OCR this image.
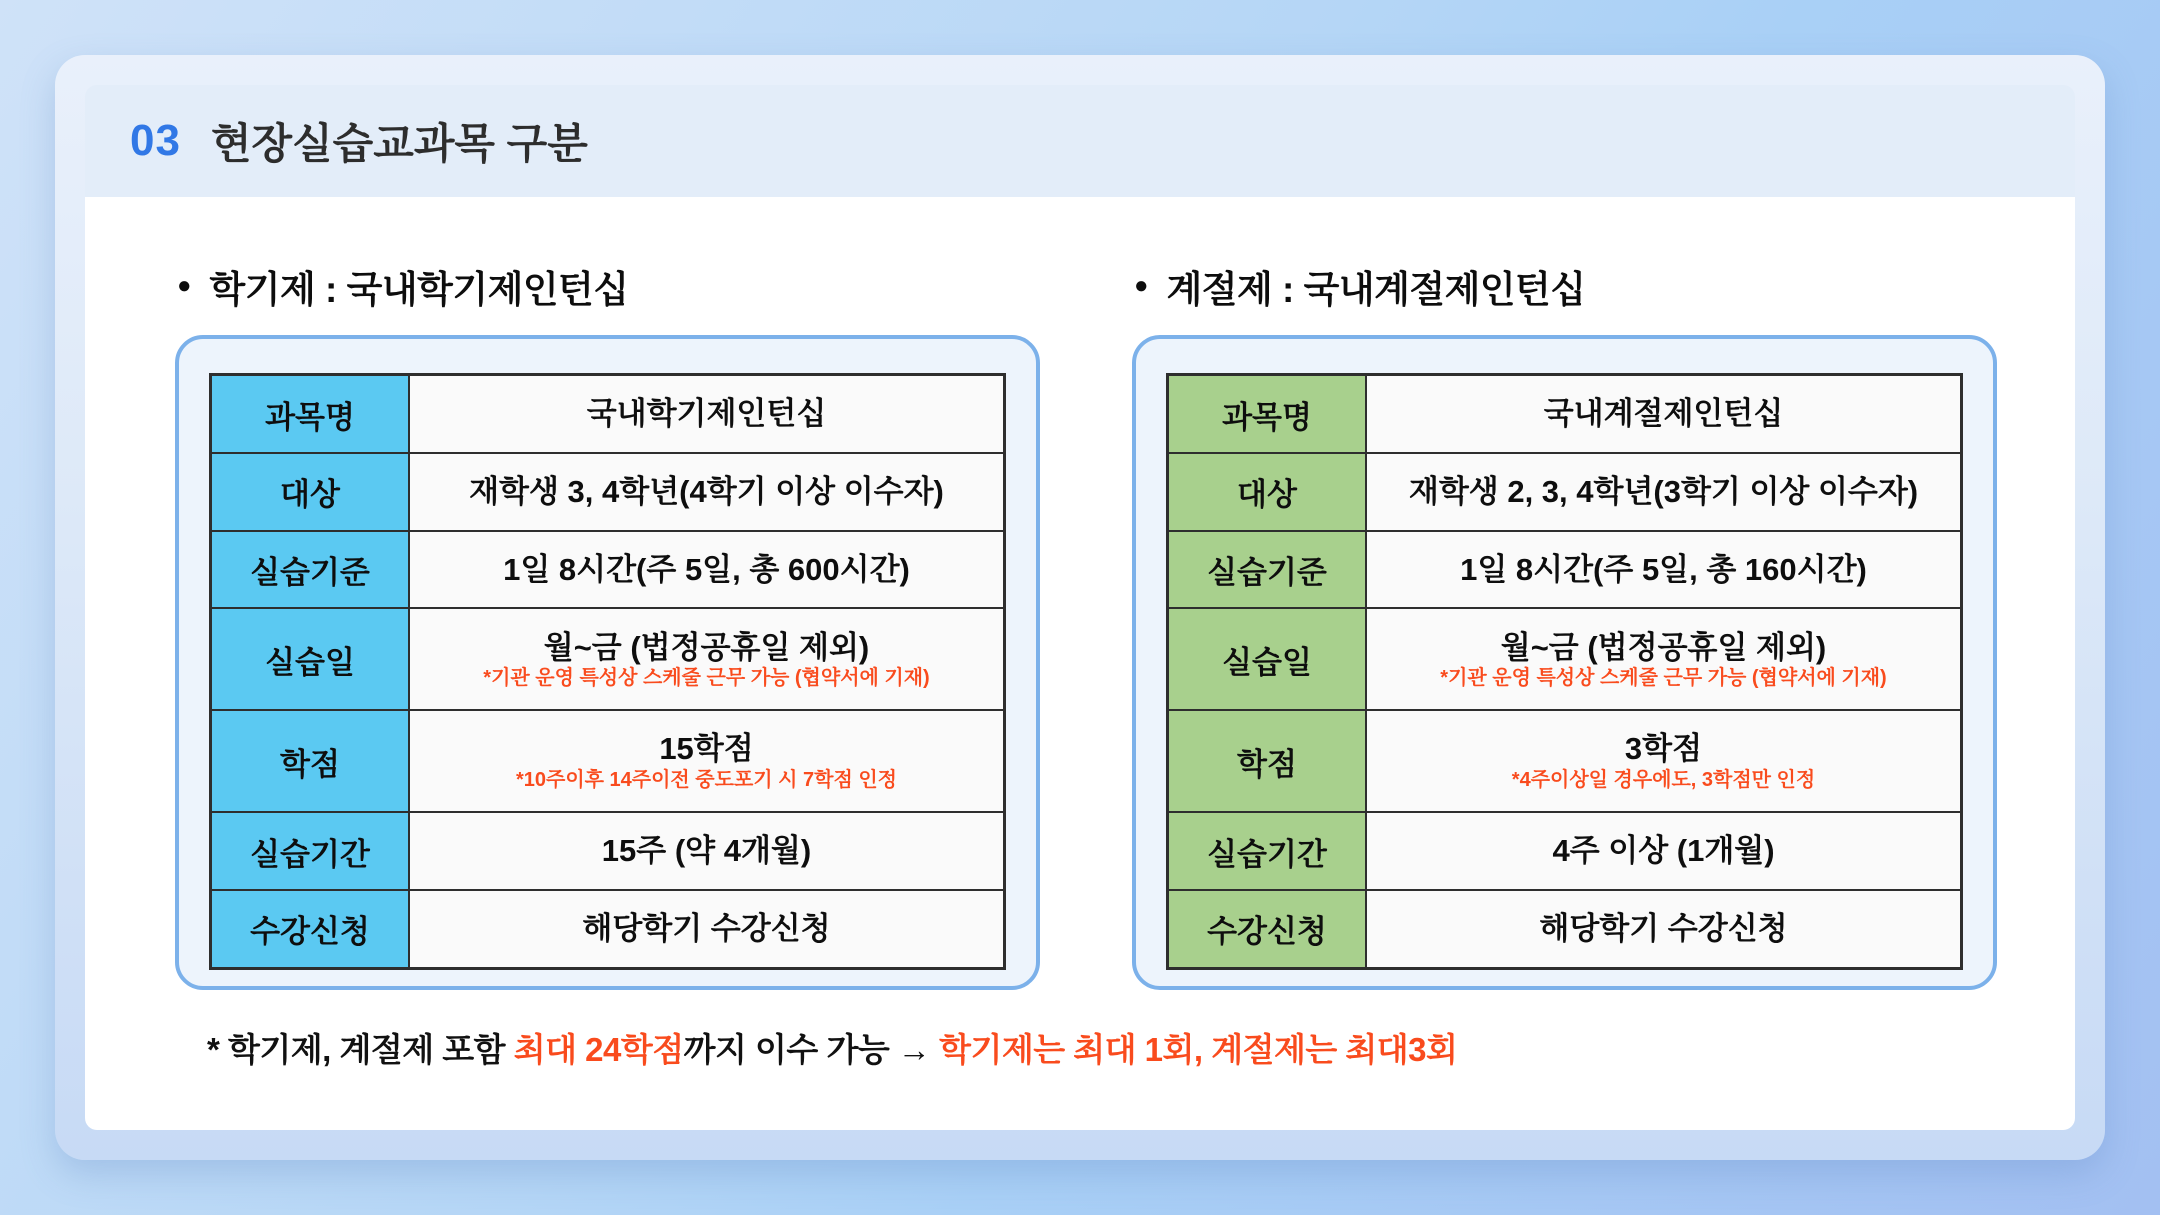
03 현장실습교과목 구분
● 학기제 : 국내학기제인턴십
과목명	국내학기제인턴십

대상	재학생 3, 4학년(4학기 이상 이수자)

실습기준	1일 8시간(주 5일, 총 600시간)

실습일	월~금 (법정공휴일 제외)
*기관 운영 특성상 스케줄 근무 가능 (협약서에 기재)

학점	15학점
*10주이후 14주이전 중도포기 시 7학점 인정

실습기간	15주 (약 4개월)

수강신청	해당학기 수강신청
● 계절제 : 국내계절제인턴십
과목명	국내계절제인턴십

대상	재학생 2, 3, 4학년(3학기 이상 이수자)

실습기준	1일 8시간(주 5일, 총 160시간)

실습일	월~금 (법정공휴일 제외)
*기관 운영 특성상 스케줄 근무 가능 (협약서에 기재)

학점	3학점
*4주이상일 경우에도, 3학점만 인정

실습기간	4주 이상 (1개월)

수강신청	해당학기 수강신청
* 학기제, 계절제 포함 최대 24학점까지 이수 가능 → 학기제는 최대 1회, 계절제는 최대3회
